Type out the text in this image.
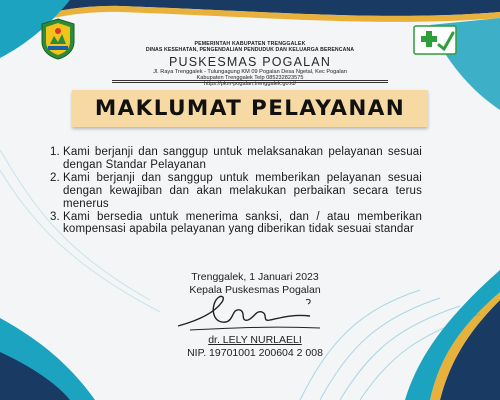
PEMERINTAH KABUPATEN TRENGGALEK
DINAS KESEHATAN, PENGENDALIAN PENDUDUK DAN KELUARGA BERENCANA
PUSKESMAS POGALAN
Jl. Raya Trenggalek - Tulungagung KM 09 Pogalan Desa Ngetal, Kec Pogalan
Kabupaten Trenggalek Telp 085232823575
https://pkm-pogalan.trenggalek.go.id/
MAKLUMAT PELAYANAN
1. Kami berjanji dan sanggup untuk melaksanakan pelayanan sesuai dengan Standar Pelayanan
2. Kami berjanji dan sanggup untuk memberikan pelayanan sesuai dengan kewajiban dan akan melakukan perbaikan secara terus menerus
3. Kami bersedia untuk menerima sanksi, dan / atau memberikan kompensasi apabila pelayanan yang diberikan tidak sesuai standar
Trenggalek, 1 Januari 2023
Kepala Puskesmas Pogalan
dr. LELY NURLAELI
NIP. 19701001 200604 2 008
